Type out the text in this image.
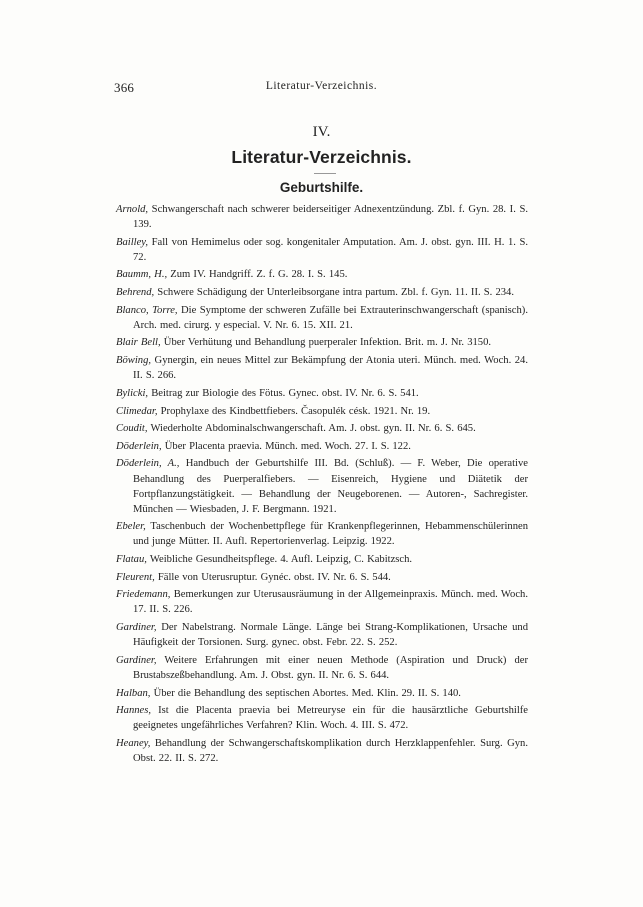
366	Literatur-Verzeichnis.
IV.
Literatur-Verzeichnis.
Geburtshilfe.
Arnold, Schwangerschaft nach schwerer beiderseitiger Adnexentzündung. Zbl. f. Gyn. 28. I. S. 139.
Bailley, Fall von Hemimelus oder sog. kongenitaler Amputation. Am. J. obst. gyn. III. H. 1. S. 72.
Baumm, H., Zum IV. Handgriff. Z. f. G. 28. I. S. 145.
Behrend, Schwere Schädigung der Unterleibsorgane intra partum. Zbl. f. Gyn. 11. II. S. 234.
Blanco, Torre, Die Symptome der schweren Zufälle bei Extrauterinschwangerschaft (spanisch). Arch. med. cirurg. y especial. V. Nr. 6. 15. XII. 21.
Blair Bell, Über Verhütung und Behandlung puerperaler Infektion. Brit. m. J. Nr. 3150.
Böwing, Gynergin, ein neues Mittel zur Bekämpfung der Atonia uteri. Münch. med. Woch. 24. II. S. 266.
Bylicki, Beitrag zur Biologie des Fötus. Gynec. obst. IV. Nr. 6. S. 541.
Climedar, Prophylaxe des Kindbettfiebers. Časopulék césk. 1921. Nr. 19.
Coudit, Wiederholte Abdominalschwangerschaft. Am. J. obst. gyn. II. Nr. 6. S. 645.
Döderlein, Über Placenta praevia. Münch. med. Woch. 27. I. S. 122.
Döderlein, A., Handbuch der Geburtshilfe III. Bd. (Schluß). — F. Weber, Die operative Behandlung des Puerperalfiebers. — Eisenreich, Hygiene und Diätetik der Fortpflanzungstätigkeit. — Behandlung der Neugeborenen. — Autoren-, Sachregister. München — Wiesbaden, J. F. Bergmann. 1921.
Ebeler, Taschenbuch der Wochenbettpflege für Krankenpflegerinnen, Hebammenschülerinnen und junge Mütter. II. Aufl. Repertorienverlag. Leipzig. 1922.
Flatau, Weibliche Gesundheitspflege. 4. Aufl. Leipzig, C. Kabitzsch.
Fleurent, Fälle von Uterusruptur. Gynéc. obst. IV. Nr. 6. S. 544.
Friedemann, Bemerkungen zur Uterusausräumung in der Allgemeinpraxis. Münch. med. Woch. 17. II. S. 226.
Gardiner, Der Nabelstrang. Normale Länge. Länge bei Strang-Komplikationen, Ursache und Häufigkeit der Torsionen. Surg. gynec. obst. Febr. 22. S. 252.
Gardiner, Weitere Erfahrungen mit einer neuen Methode (Aspiration und Druck) der Brustabszeßbehandlung. Am. J. Obst. gyn. II. Nr. 6. S. 644.
Halban, Über die Behandlung des septischen Abortes. Med. Klin. 29. II. S. 140.
Hannes, Ist die Placenta praevia bei Metreuryse ein für die hausärztliche Geburtshilfe geeignetes ungefährliches Verfahren? Klin. Woch. 4. III. S. 472.
Heaney, Behandlung der Schwangerschaftskomplikation durch Herzklappenfehler. Surg. Gyn. Obst. 22. II. S. 272.
